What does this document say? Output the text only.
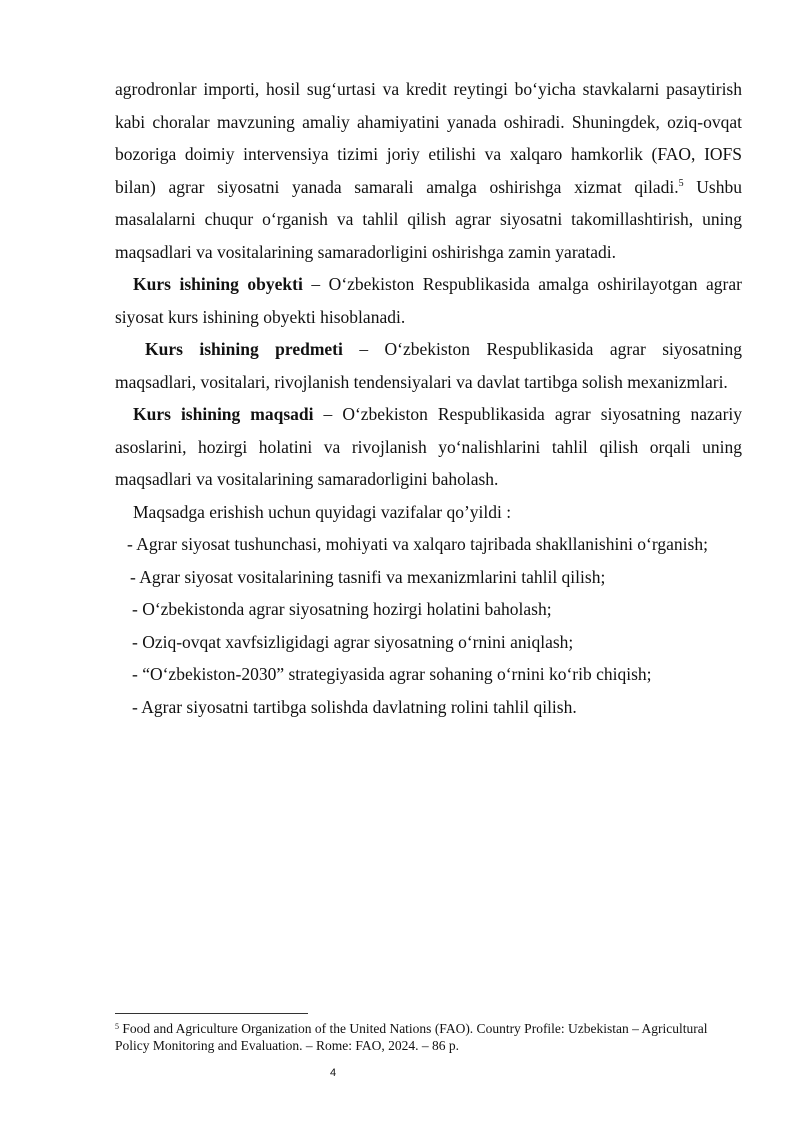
agrodronlar importi, hosil sug‘urtasi va kredit reytingi bo‘yicha stavkalarni pasaytirish kabi choralar mavzuning amaliy ahamiyatini yanada oshiradi. Shuningdek, oziq-ovqat bozoriga doimiy intervensiya tizimi joriy etilishi va xalqaro hamkorlik (FAO, IOFS bilan) agrar siyosatni yanada samarali amalga oshirishga xizmat qiladi.$^5$ Ushbu masalalarni chuqur o‘rganish va tahlil qilish agrar siyosatni takomillashtirish, uning maqsadlari va vositalarining samaradorligini oshirishga zamin yaratadi.

Kurs ishining obyekti – O‘zbekiston Respublikasida amalga oshirilayotgan agrar siyosat kurs ishining obyekti hisoblanadi.

Kurs ishining predmeti – O‘zbekiston Respublikasida agrar siyosatning maqsadlari, vositalari, rivojlanish tendensiyalari va davlat tartibga solish mexanizmlari.

Kurs ishining maqsadi – O‘zbekiston Respublikasida agrar siyosatning nazariy asoslarini, hozirgi holatini va rivojlanish yo‘nalishlarini tahlil qilish orqali uning maqsadlari va vositalarining samaradorligini baholash.

Maqsadga erishish uchun quyidagi vazifalar qo’yildi :

- Agrar siyosat tushunchasi, mohiyati va xalqaro tajribada shakllanishini o‘rganish;

- Agrar siyosat vositalarining tasnifi va mexanizmlarini tahlil qilish;

- O‘zbekistonda agrar siyosatning hozirgi holatini baholash;

- Oziq-ovqat xavfsizligidagi agrar siyosatning o‘rnini aniqlash;

- “O‘zbekiston-2030” strategiyasida agrar sohaning o‘rnini ko‘rib chiqish;

- Agrar siyosatni tartibga solishda davlatning rolini tahlil qilish.

$^5$ Food and Agriculture Organization of the United Nations (FAO). Country Profile: Uzbekistan – Agricultural Policy Monitoring and Evaluation. – Rome: FAO, 2024. – 86 p.
4
